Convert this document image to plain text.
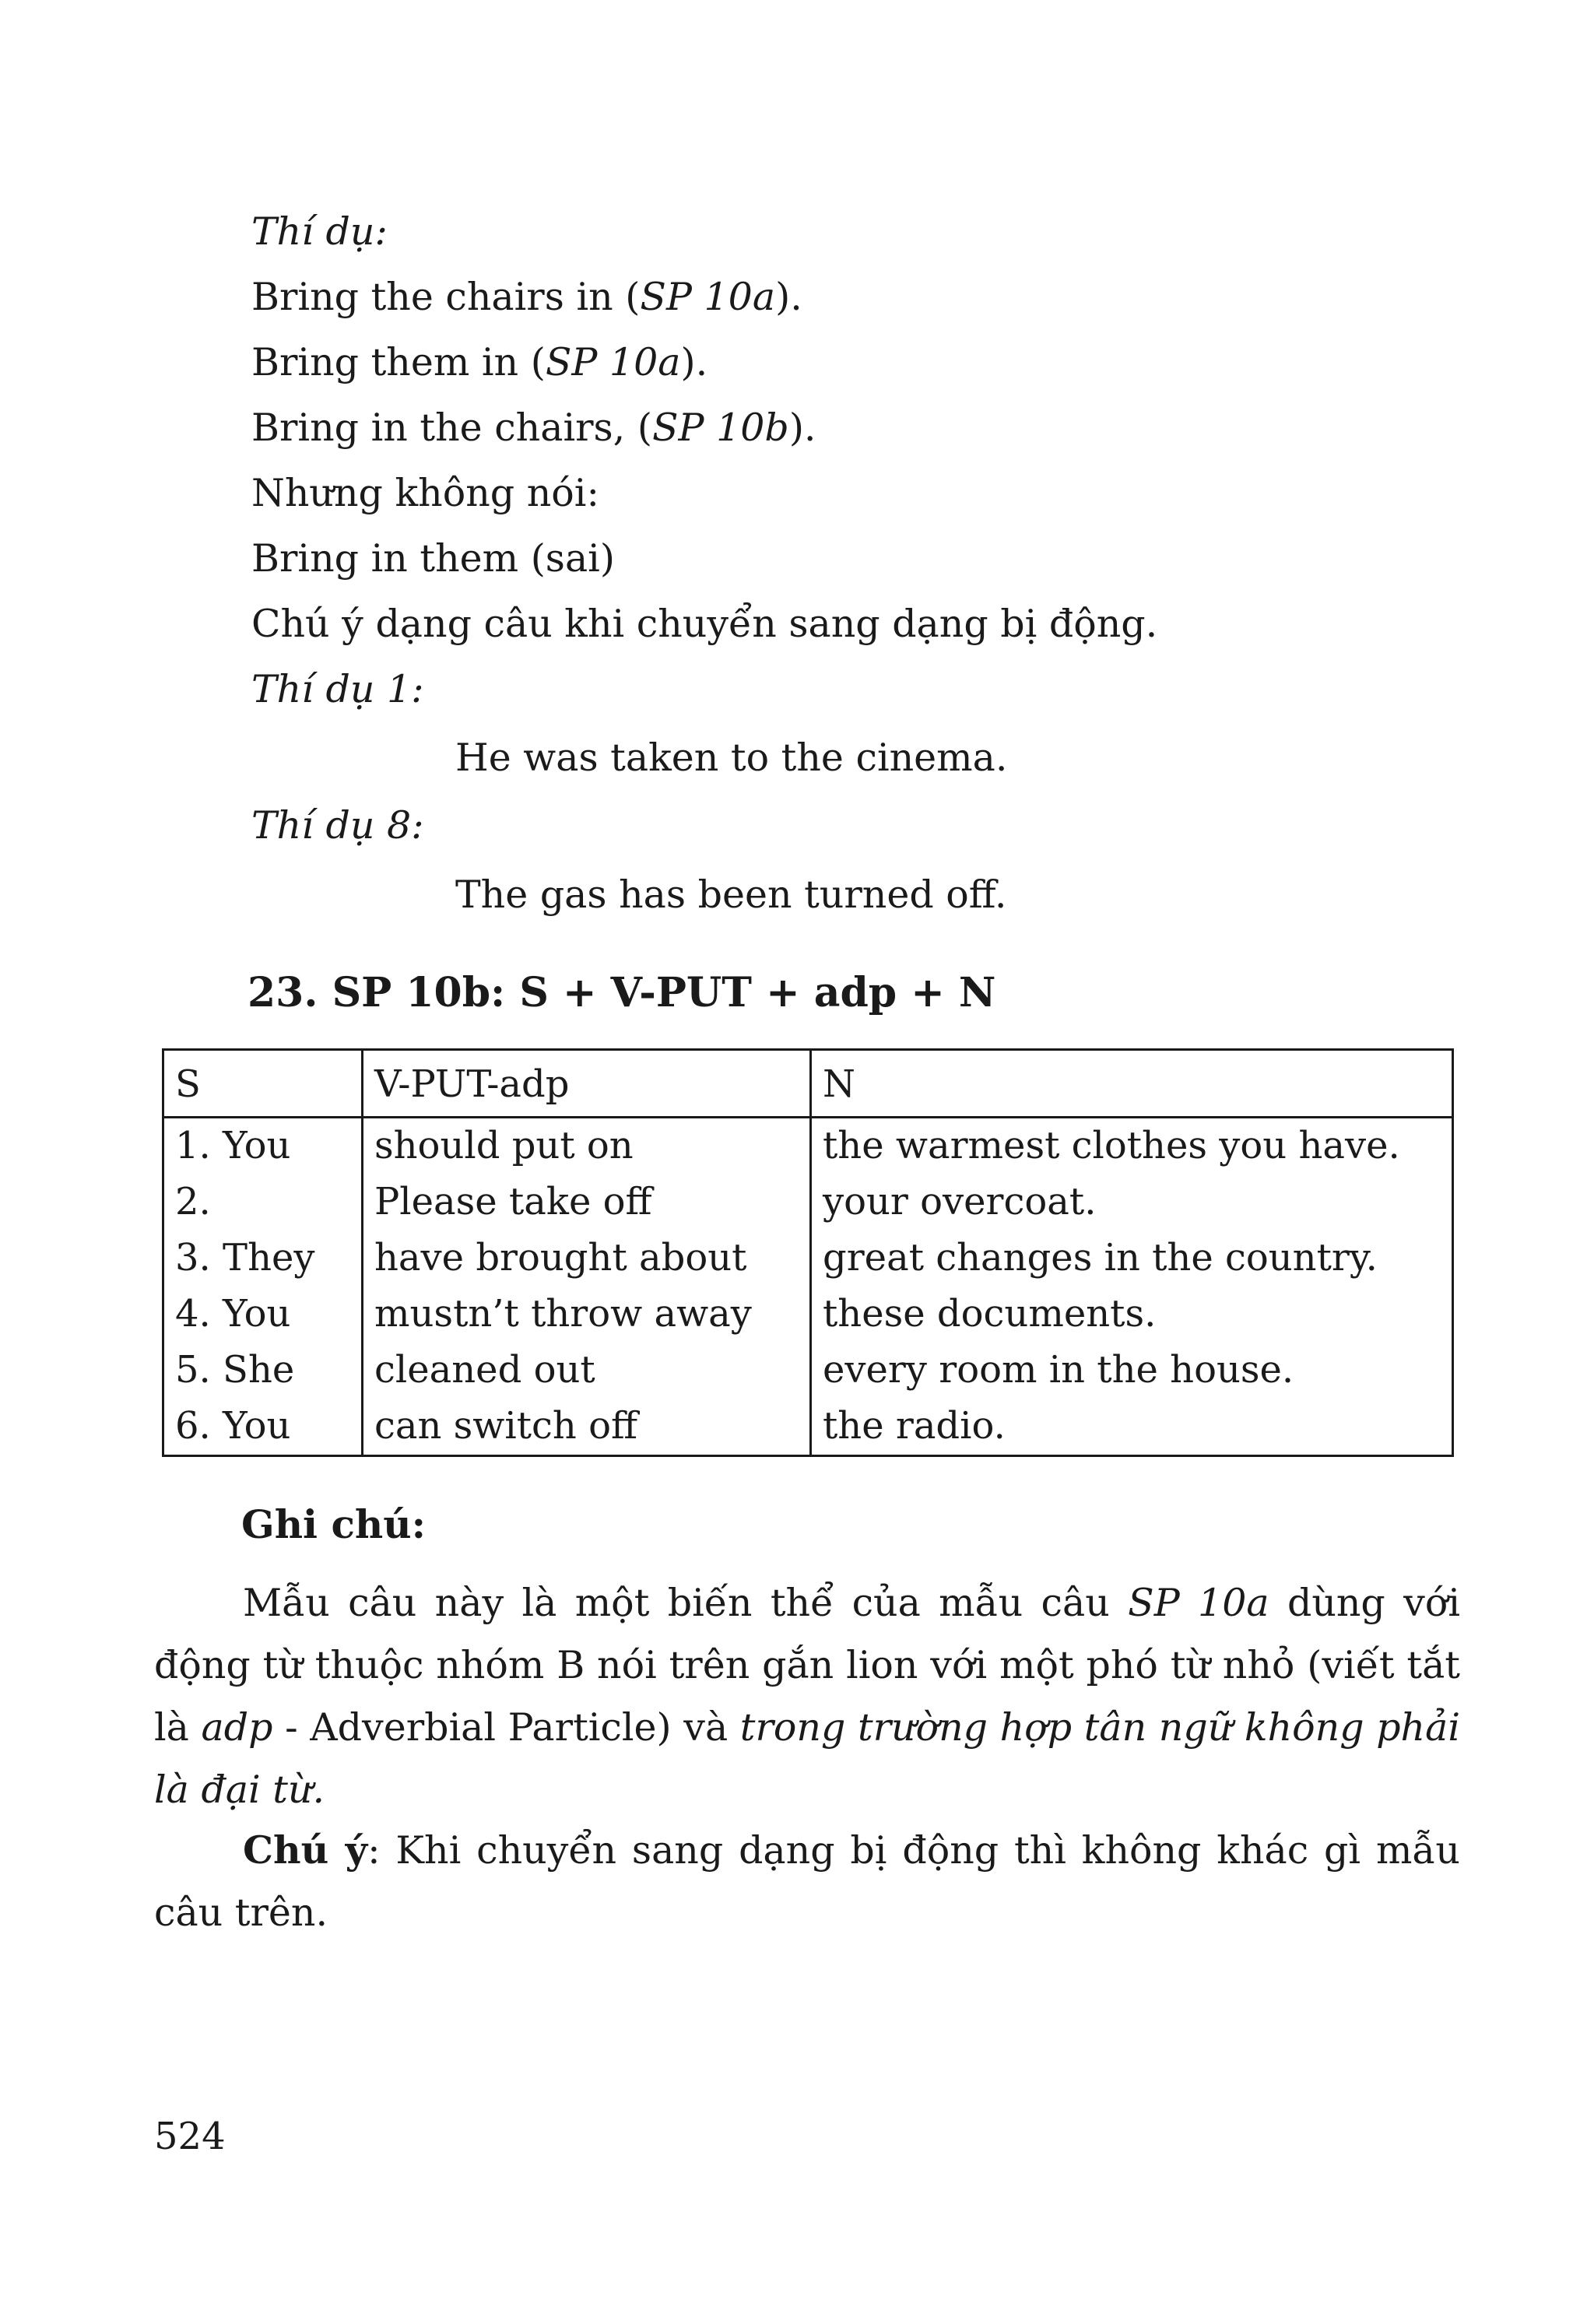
Thí dụ:
Bring the chairs in (SP 10a).
Bring them in (SP 10a).
Bring in the chairs, (SP 10b).
Nhưng không nói:
Bring in them (sai)
Chú ý dạng câu khi chuyển sang dạng bị động.
Thí dụ 1:
He was taken to the cinema.
Thí dụ 8:
The gas has been turned off.
23. SP 10b: S + V-PUT + adp + N
S	V-PUT-adp	N
1. You	should put on	the warmest clothes you have.
2.	Please take off	your overcoat.
3. They	have brought about	great changes in the country.
4. You	mustn’t throw away	these documents.
5. She	cleaned out	every room in the house.
6. You	can switch off	the radio.
Ghi chú:
Mẫu câu này là một biến thể của mẫu câu SP 10a dùng với động từ thuộc nhóm B nói trên gắn lion với một phó từ nhỏ (viết tắt là adp - Adverbial Particle) và trong trường hợp tân ngữ không phải là đại từ.
Chú ý: Khi chuyển sang dạng bị động thì không khác gì mẫu câu trên.
524
